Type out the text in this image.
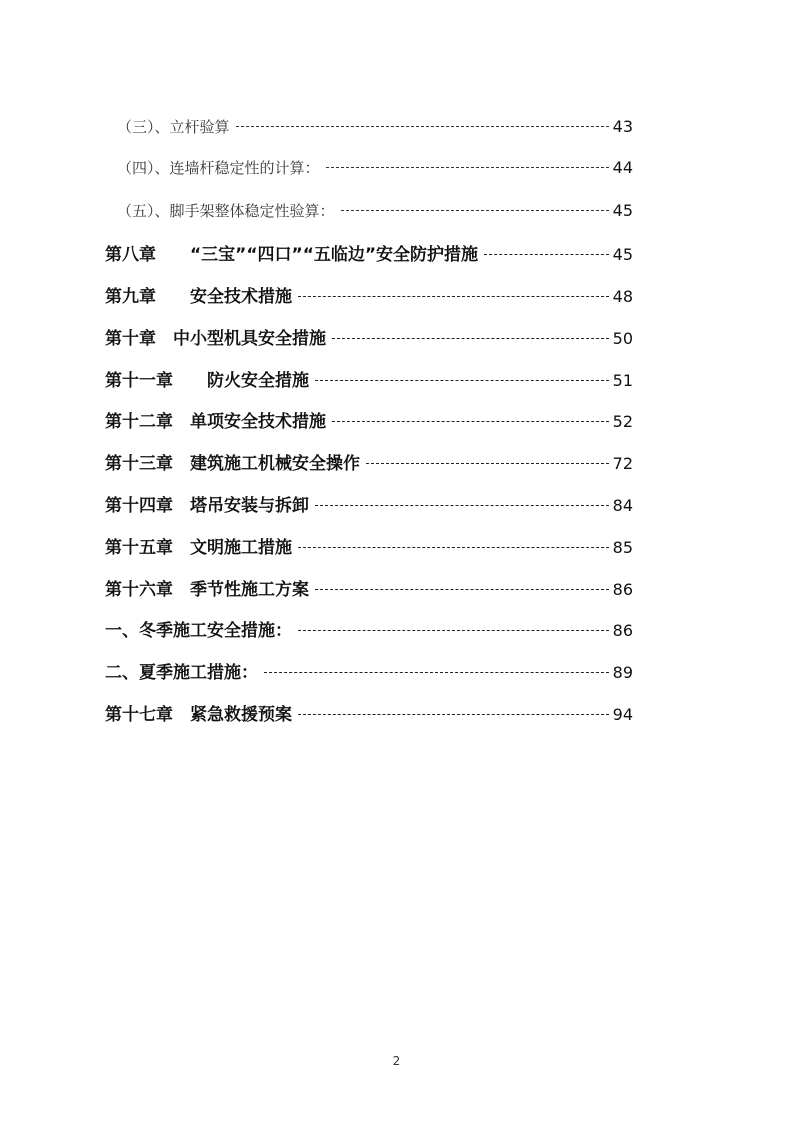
（三）、立杆验算	43
（四）、连墙杆稳定性的计算：	44
（五）、脚手架整体稳定性验算：	45
第八章　　“三宝”“四口”“五临边”安全防护措施	45
第九章　　安全技术措施	48
第十章　中小型机具安全措施	50
第十一章　　防火安全措施	51
第十二章　单项安全技术措施	52
第十三章　建筑施工机械安全操作	72
第十四章　塔吊安装与拆卸	84
第十五章　文明施工措施	85
第十六章　季节性施工方案	86
一、冬季施工安全措施：	86
二、夏季施工措施：	89
第十七章　紧急救援预案	94
2
